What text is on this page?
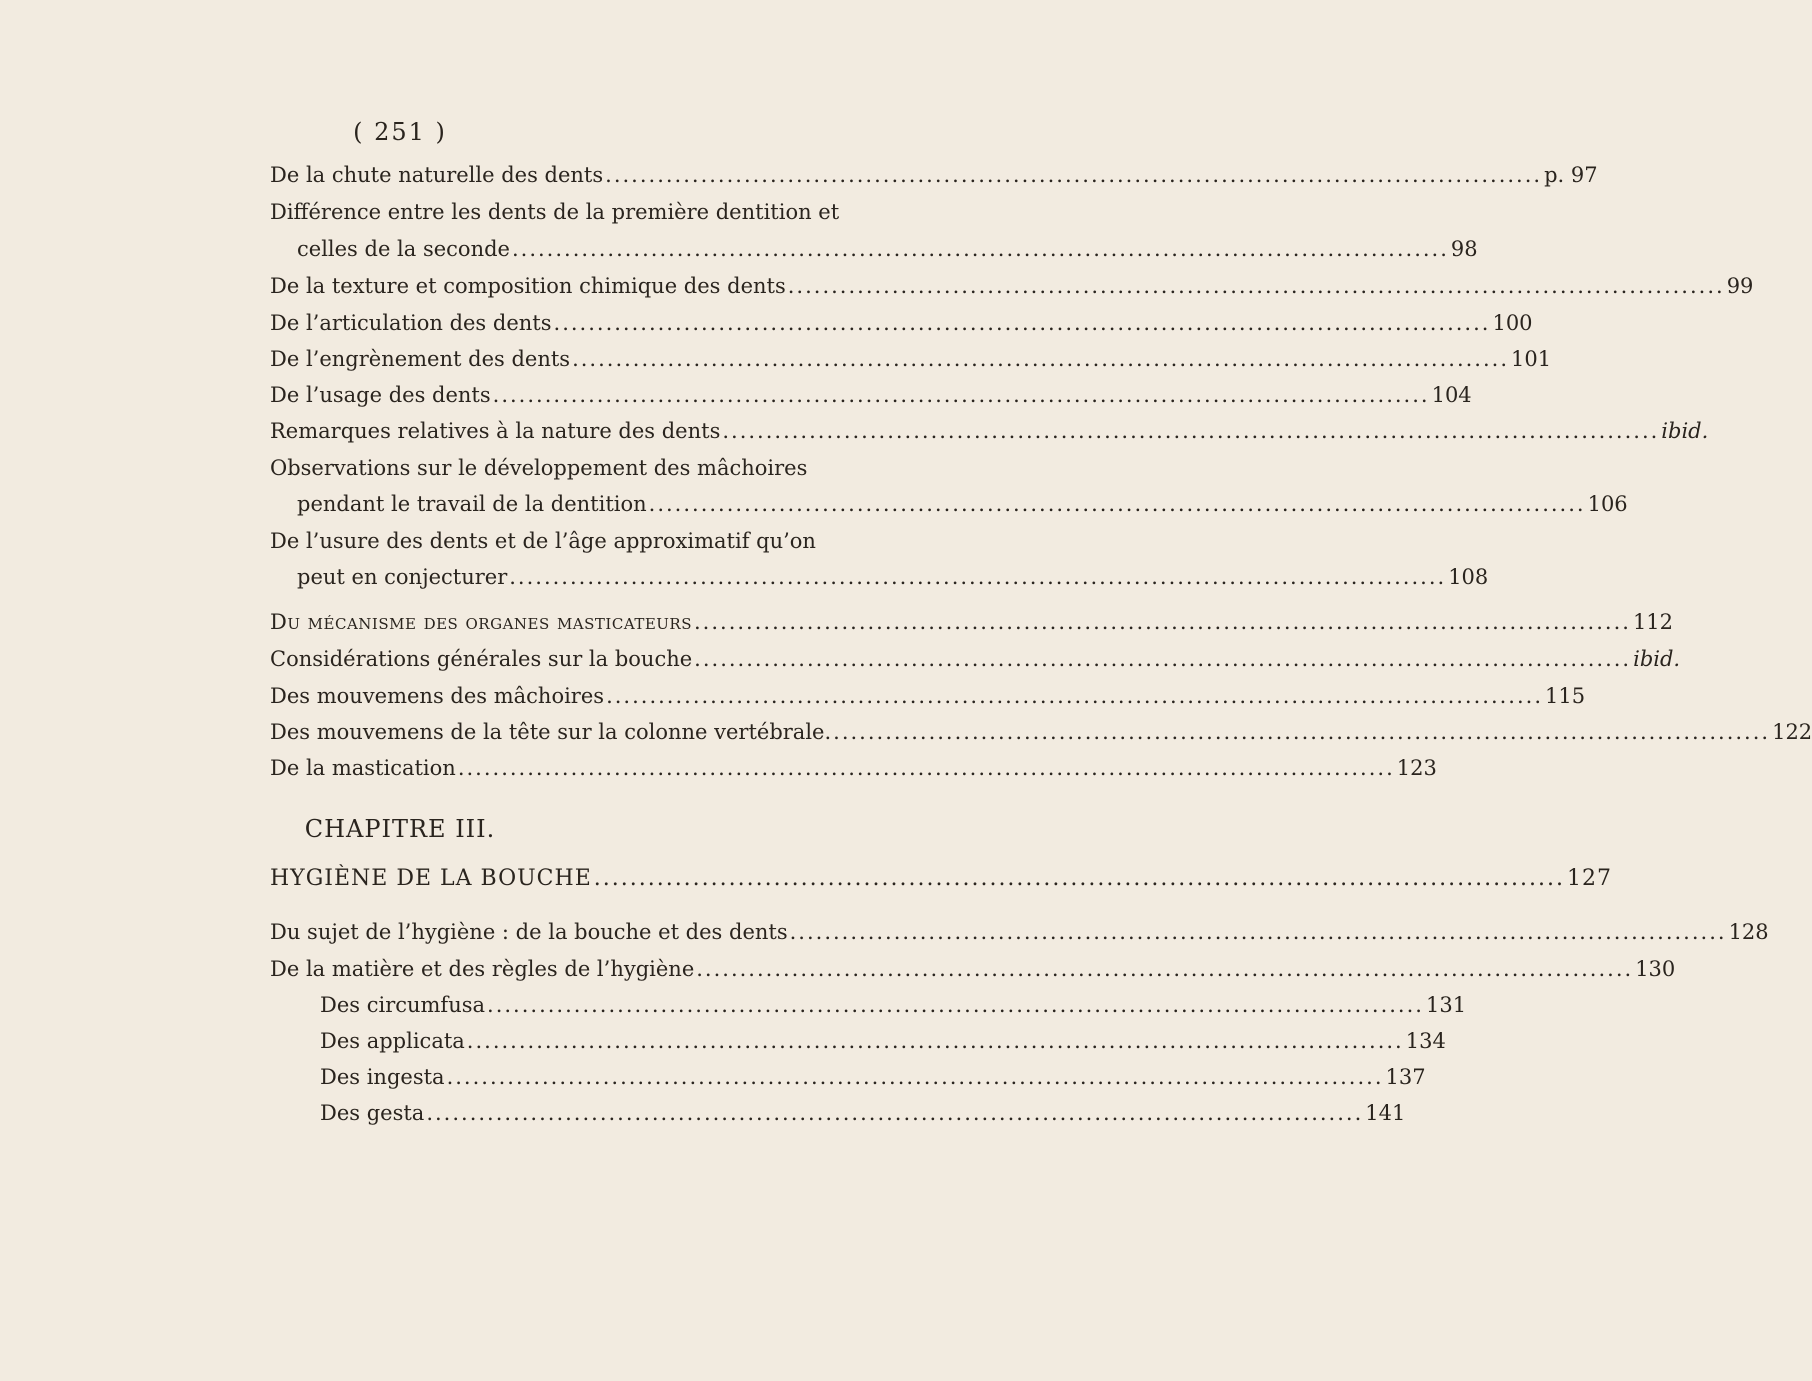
( 251 )
De la chute naturelle des dents .....	p. 97
Différence entre les dents de la première dentition et
celles de la seconde .....	98
De la texture et composition chimique des dents .....	99
De l’articulation des dents .....	100
De l’engrènement des dents .....	101
De l’usage des dents .....	104
Remarques relatives à la nature des dents .....	ibid.
Observations sur le développement des mâchoires
pendant le travail de la dentition .....	106
De l’usure des dents et de l’âge approximatif qu’on
peut en conjecturer .....	108
Du mécanisme des organes masticateurs .....	112
Considérations générales sur la bouche .....	ibid.
Des mouvemens des mâchoires .....	115
Des mouvemens de la tête sur la colonne vertébrale. .....	122
De la mastication .....	123
CHAPITRE III.
HYGIÈNE DE LA BOUCHE .....	127
Du sujet de l’hygiène : de la bouche et des dents .....	128
De la matière et des règles de l’hygiène .....	130
Des circumfusa .....	131
Des applicata .....	134
Des ingesta .....	137
Des gesta .....	141
